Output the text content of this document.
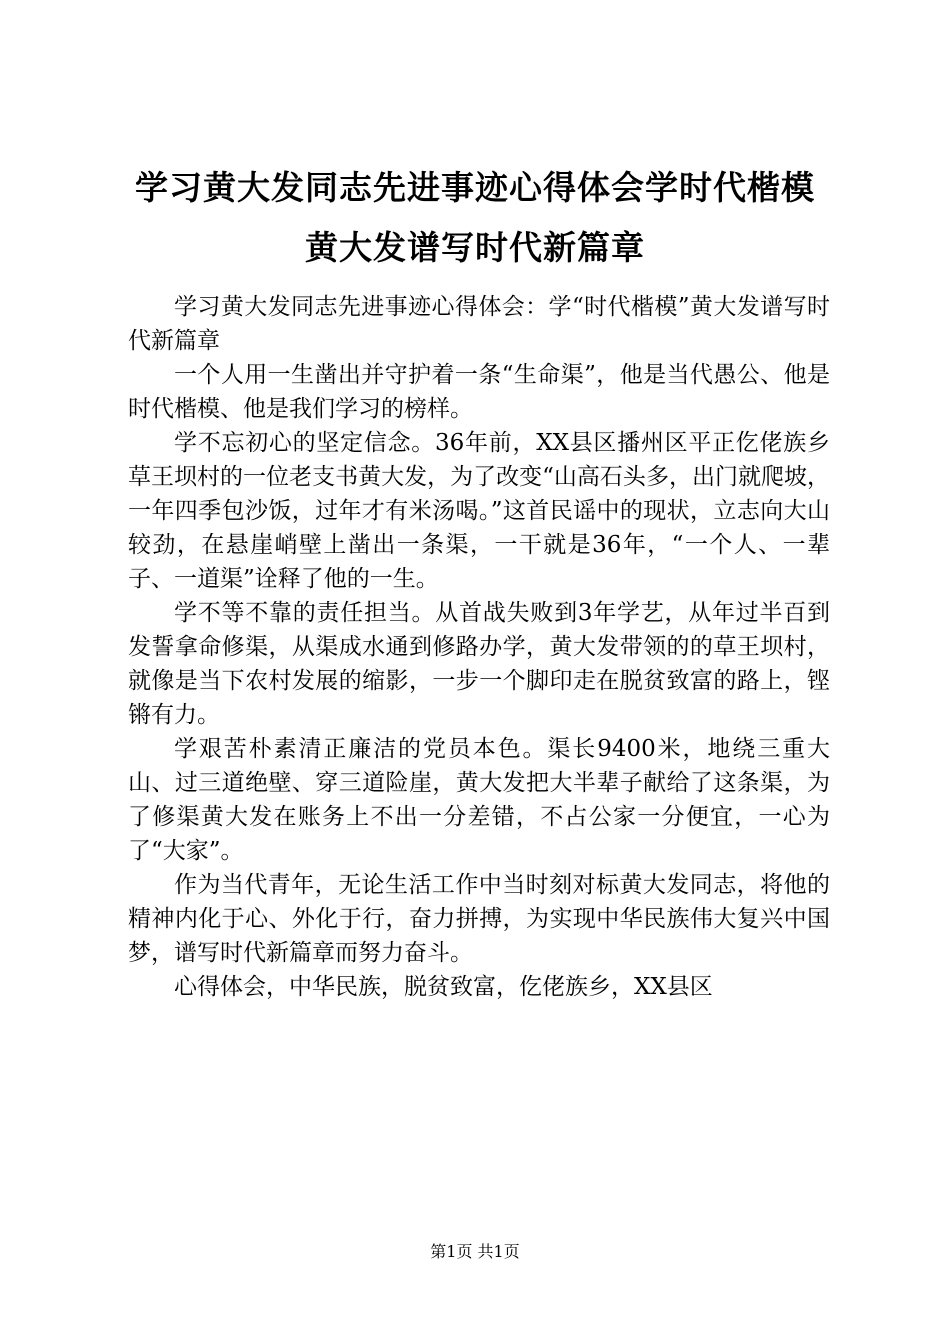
学习黄大发同志先进事迹心得体会学时代楷模
黄大发谱写时代新篇章

学习黄大发同志先进事迹心得体会：学“时代楷模”黄大发谱写时代新篇章

一个人用一生凿出并守护着一条“生命渠”，他是当代愚公、他是时代楷模、他是我们学习的榜样。

学不忘初心的坚定信念。36年前，XX县区播州区平正仡佬族乡草王坝村的一位老支书黄大发，为了改变“山高石头多，出门就爬坡，一年四季包沙饭，过年才有米汤喝。”这首民谣中的现状，立志向大山较劲，在悬崖峭壁上凿出一条渠，一干就是36年，“一个人、一辈子、一道渠”诠释了他的一生。

学不等不靠的责任担当。从首战失败到3年学艺，从年过半百到发誓拿命修渠，从渠成水通到修路办学，黄大发带领的的草王坝村，就像是当下农村发展的缩影，一步一个脚印走在脱贫致富的路上，铿锵有力。

学艰苦朴素清正廉洁的党员本色。渠长9400米，地绕三重大山、过三道绝壁、穿三道险崖，黄大发把大半辈子献给了这条渠，为了修渠黄大发在账务上不出一分差错，不占公家一分便宜，一心为了“大家”。

作为当代青年，无论生活工作中当时刻对标黄大发同志，将他的精神内化于心、外化于行，奋力拼搏，为实现中华民族伟大复兴中国梦，谱写时代新篇章而努力奋斗。

心得体会，中华民族，脱贫致富，仡佬族乡，XX县区

第1页 共1页
